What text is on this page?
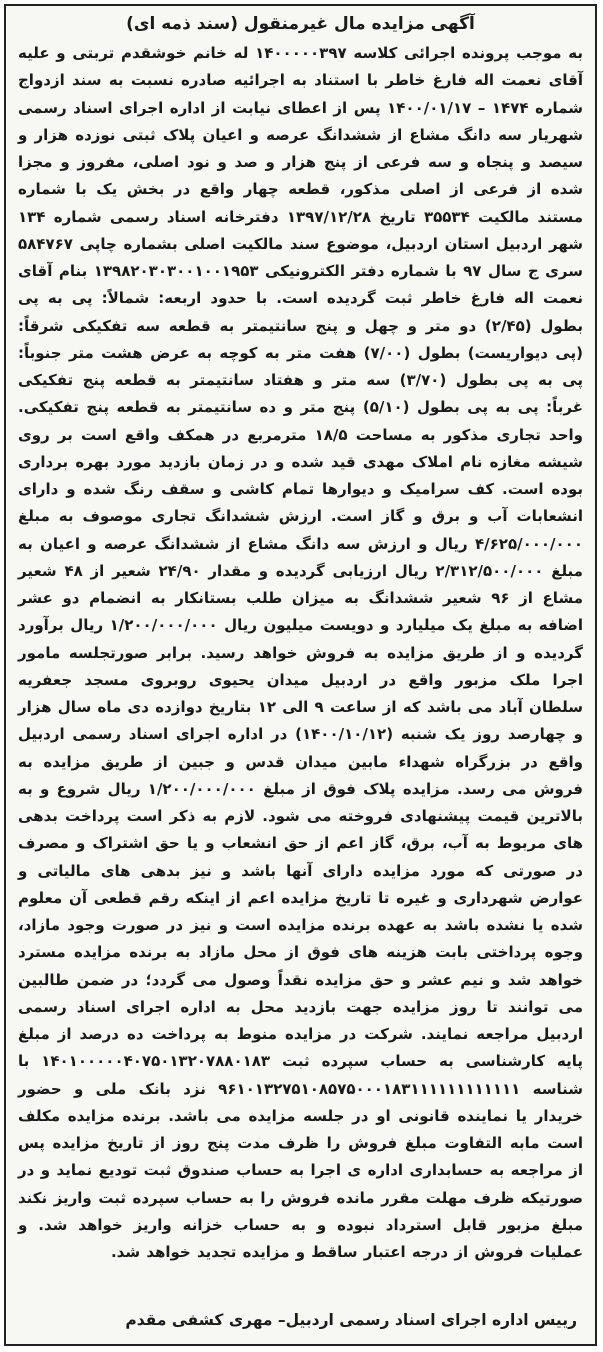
آگهی مزایده مال غیرمنقول (سند ذمه ای)

به موجب پرونده اجرائی کلاسه ۱۴۰۰۰۰۰۳۹۷ له خانم خوشقدم تربتی و علیه آقای نعمت اله فارغ خاطر با استناد به اجرائیه صادره نسبت به سند ازدواج شماره ۱۴۷۴ – ۱۴۰۰/۰۱/۱۷ پس از اعطای نیابت از اداره اجرای اسناد رسمی شهریار سه دانگ مشاع از ششدانگ عرصه و اعیان پلاک ثبتی نوزده هزار و سیصد و پنجاه و سه فرعی از پنج هزار و صد و نود اصلی، مفروز و مجزا شده از فرعی از اصلی مذکور، قطعه چهار واقع در بخش یک با شماره مستند مالکیت ۳۵۵۳۴ تاریخ ۱۳۹۷/۱۲/۲۸ دفترخانه اسناد رسمی شماره ۱۳۴ شهر اردبیل استان اردبیل، موضوع سند مالکیت اصلی بشماره چاپی ۵۸۴۷۶۷ سری ج سال ۹۷ با شماره دفتر الکترونیکی ۱۳۹۸۲۰۳۰۳۰۰۱۰۰۱۹۵۳ بنام آقای نعمت اله فارغ خاطر ثبت گردیده است. با حدود اربعه: شمالاً: پی به پی بطول (۲/۴۵) دو متر و چهل و پنج سانتیمتر به قطعه سه تفکیکی شرقاً: (پی دیواریست) بطول (۷/۰۰) هفت متر به کوچه به عرض هشت متر جنوباً: پی به پی بطول (۳/۷۰) سه متر و هفتاد سانتیمتر به قطعه پنج تفکیکی غرباً: پی به پی بطول (۵/۱۰) پنج متر و ده سانتیمتر به قطعه پنج تفکیکی. واحد تجاری مذکور به مساحت ۱۸/۵ مترمربع در همکف واقع است بر روی شیشه مغازه نام املاک مهدی قید شده و در زمان بازدید مورد بهره برداری بوده است. کف سرامیک و دیوارها تمام کاشی و سقف رنگ شده و دارای انشعابات آب و برق و گاز است. ارزش ششدانگ تجاری موصوف به مبلغ ۴/۶۲۵/۰۰۰/۰۰۰ ریال و ارزش سه دانگ مشاع از ششدانگ عرصه و اعیان به مبلغ ۲/۳۱۲/۵۰۰/۰۰۰ ریال ارزیابی گردیده و مقدار ۲۴/۹۰ شعیر از ۴۸ شعیر مشاع از ۹۶ شعیر ششدانگ به میزان طلب بستانکار به انضمام دو عشر اضافه به مبلغ یک میلیارد و دویست میلیون ریال ۱/۲۰۰/۰۰۰/۰۰۰ ریال برآورد گردیده و از طریق مزایده به فروش خواهد رسید. برابر صورتجلسه مامور اجرا ملک مزبور واقع در اردبیل میدان یحیوی روبروی مسجد جعفریه سلطان آباد می باشد که از ساعت ۹ الی ۱۲ بتاریخ دوازده دی ماه سال هزار و چهارصد روز یک شنبه (۱۴۰۰/۱۰/۱۲) در اداره اجرای اسناد رسمی اردبیل واقع در بزرگراه شهداء مابین میدان قدس و جبین از طریق مزایده به فروش می رسد. مزایده پلاک فوق از مبلغ ۱/۲۰۰/۰۰۰/۰۰۰ ریال شروع و به بالاترین قیمت پیشنهادی فروخته می شود. لازم به ذکر است پرداخت بدهی های مربوط به آب، برق، گاز اعم از حق انشعاب و یا حق اشتراک و مصرف در صورتی که مورد مزایده دارای آنها باشد و نیز بدهی های مالیاتی و عوارض شهرداری و غیره تا تاریخ مزایده اعم از اینکه رقم قطعی آن معلوم شده یا نشده باشد به عهده برنده مزایده است و نیز در صورت وجود مازاد، وجوه پرداختی بابت هزینه های فوق از محل مازاد به برنده مزایده مسترد خواهد شد و نیم عشر و حق مزایده نقداً وصول می گردد؛ در ضمن طالبین می توانند تا روز مزایده جهت بازدید محل به اداره اجرای اسناد رسمی اردبیل مراجعه نمایند. شرکت در مزایده منوط به پرداخت ده درصد از مبلغ پایه کارشناسی به حساب سپرده ثبت ۱۴۰۱۰۰۰۰۰۴۰۷۵۰۱۳۲۰۷۸۸۰۱۸۳ با شناسه ۹۶۱۰۱۳۲۷۵۱۰۸۵۷۵۰۰۰۱۸۳۱۱۱۱۱۱۱۱۱۱۱۱ نزد بانک ملی و حضور خریدار یا نماینده قانونی او در جلسه مزایده می باشد. برنده مزایده مکلف است مابه التفاوت مبلغ فروش را ظرف مدت پنج روز از تاریخ مزایده پس از مراجعه به حسابداری اداره ی اجرا به حساب صندوق ثبت تودیع نماید و در صورتیکه ظرف مهلت مقرر مانده فروش را به حساب سپرده ثبت واریز نکند مبلغ مزبور قابل استرداد نبوده و به حساب خزانه واریز خواهد شد. و عملیات فروش از درجه اعتبار ساقط و مزایده تجدید خواهد شد.

رییس اداره اجرای اسناد رسمی اردبیل– مهری کشفی مقدم
